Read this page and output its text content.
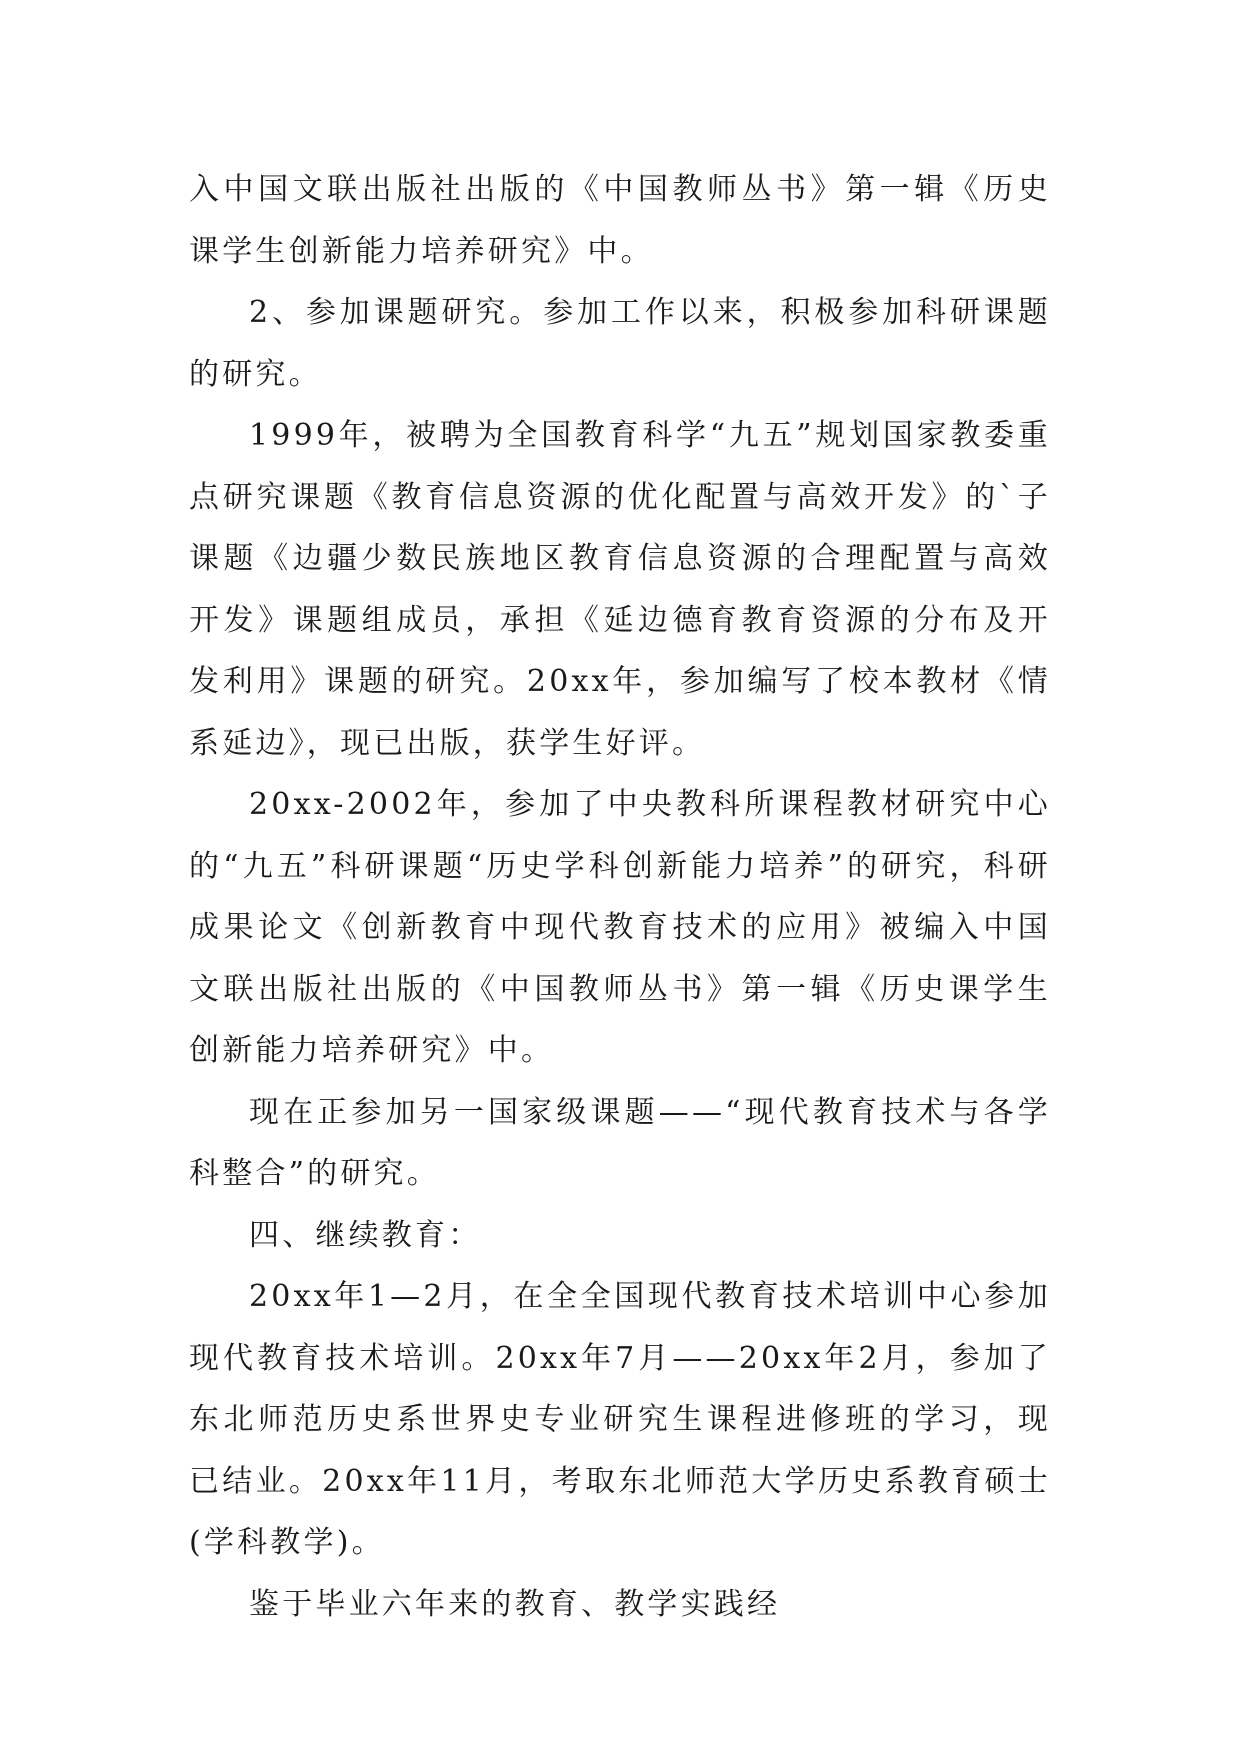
入中国文联出版社出版的《中国教师丛书》第一辑《历史课学生创新能力培养研究》中。

2、参加课题研究。参加工作以来，积极参加科研课题的研究。

1999年，被聘为全国教育科学“九五”规划国家教委重点研究课题《教育信息资源的优化配置与高效开发》的`子课题《边疆少数民族地区教育信息资源的合理配置与高效开发》课题组成员，承担《延边德育教育资源的分布及开发利用》课题的研究。20xx年，参加编写了校本教材《情系延边》，现已出版，获学生好评。

20xx-2002年，参加了中央教科所课程教材研究中心的“九五”科研课题“历史学科创新能力培养”的研究，科研成果论文《创新教育中现代教育技术的应用》被编入中国文联出版社出版的《中国教师丛书》第一辑《历史课学生创新能力培养研究》中。

现在正参加另一国家级课题——“现代教育技术与各学科整合”的研究。

四、继续教育：

20xx年1—2月，在全全国现代教育技术培训中心参加现代教育技术培训。20xx年7月——20xx年2月，参加了东北师范历史系世界史专业研究生课程进修班的学习，现已结业。20xx年11月，考取东北师范大学历史系教育硕士(学科教学)。

鉴于毕业六年来的教育、教学实践经
